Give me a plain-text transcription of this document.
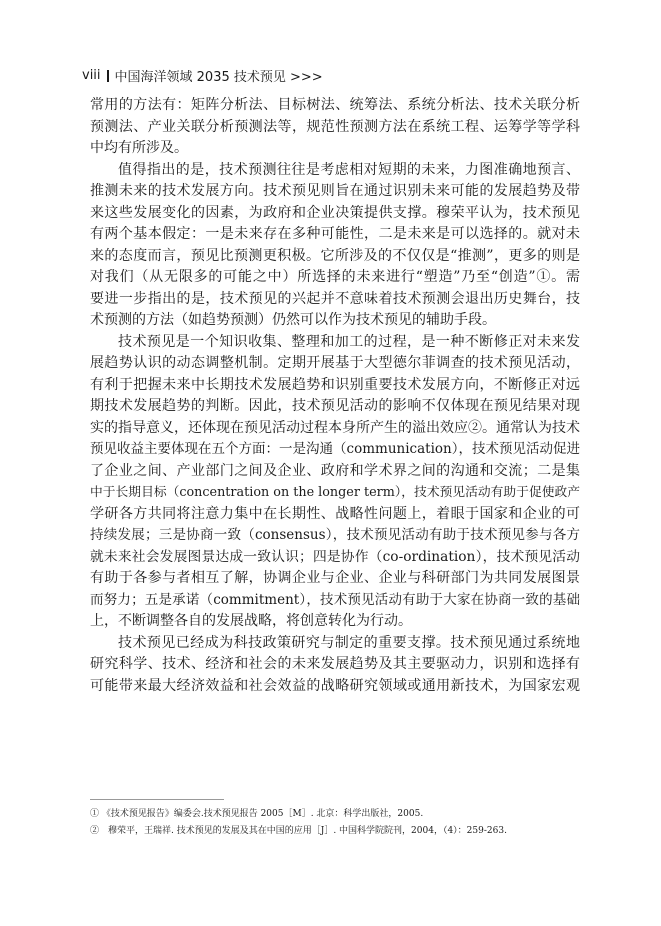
viii 中国海洋领域 2035 技术预见 >>>
常用的方法有：矩阵分析法、目标树法、统筹法、系统分析法、技术关联分析
预测法、产业关联分析预测法等，规范性预测方法在系统工程、运筹学等学科
中均有所涉及。
值得指出的是，技术预测往往是考虑相对短期的未来，力图准确地预言、
推测未来的技术发展方向。技术预见则旨在通过识别未来可能的发展趋势及带
来这些发展变化的因素，为政府和企业决策提供支撑。穆荣平认为，技术预见
有两个基本假定：一是未来存在多种可能性，二是未来是可以选择的。就对未
来的态度而言，预见比预测更积极。它所涉及的不仅仅是“推测”，更多的则是
对我们（从无限多的可能之中）所选择的未来进行“塑造”乃至“创造”①。需
要进一步指出的是，技术预见的兴起并不意味着技术预测会退出历史舞台，技
术预测的方法（如趋势预测）仍然可以作为技术预见的辅助手段。
技术预见是一个知识收集、整理和加工的过程，是一种不断修正对未来发
展趋势认识的动态调整机制。定期开展基于大型德尔菲调查的技术预见活动，
有利于把握未来中长期技术发展趋势和识别重要技术发展方向，不断修正对远
期技术发展趋势的判断。因此，技术预见活动的影响不仅体现在预见结果对现
实的指导意义，还体现在预见活动过程本身所产生的溢出效应②。通常认为技术
预见收益主要体现在五个方面：一是沟通（communication），技术预见活动促进
了企业之间、产业部门之间及企业、政府和学术界之间的沟通和交流；二是集
中于长期目标（concentration on the longer term），技术预见活动有助于促使政产
学研各方共同将注意力集中在长期性、战略性问题上，着眼于国家和企业的可
持续发展；三是协商一致（consensus），技术预见活动有助于技术预见参与各方
就未来社会发展图景达成一致认识；四是协作（co-ordination），技术预见活动
有助于各参与者相互了解，协调企业与企业、企业与科研部门为共同发展图景
而努力；五是承诺（commitment），技术预见活动有助于大家在协商一致的基础
上，不断调整各自的发展战略，将创意转化为行动。
技术预见已经成为科技政策研究与制定的重要支撑。技术预见通过系统地
研究科学、技术、经济和社会的未来发展趋势及其主要驱动力，识别和选择有
可能带来最大经济效益和社会效益的战略研究领域或通用新技术，为国家宏观
① 《技术预见报告》编委会.技术预见报告 2005［M］. 北京：科学出版社，2005.
②　穆荣平，王瑞祥. 技术预见的发展及其在中国的应用［J］. 中国科学院院刊，2004，（4）：259-263.
